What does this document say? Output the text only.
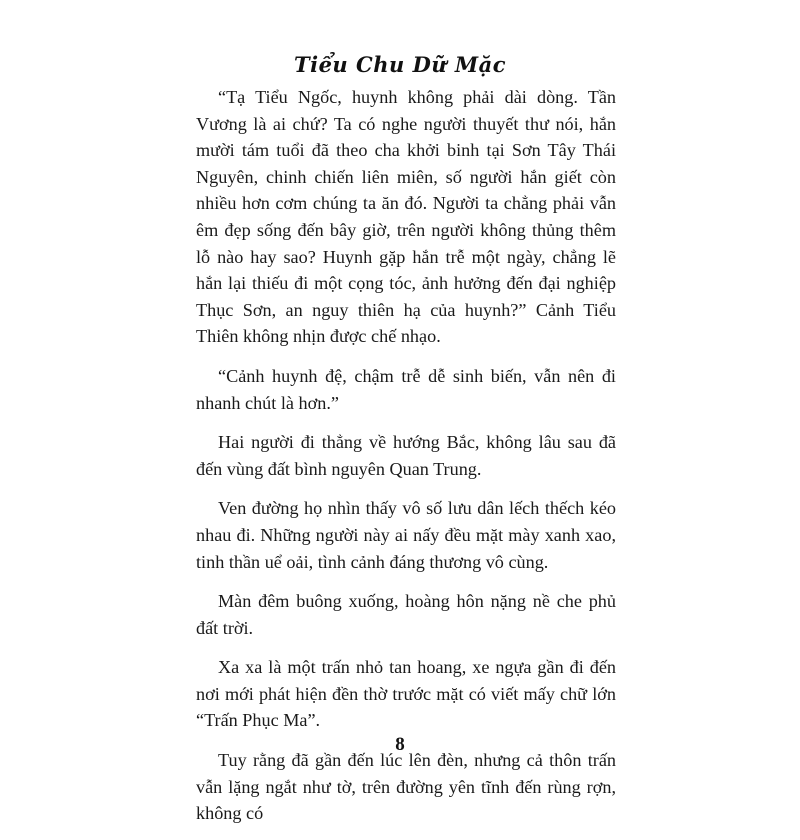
Tiểu Chu Dữ Mặc

“Tạ Tiểu Ngốc, huynh không phải dài dòng. Tần Vương là ai chứ? Ta có nghe người thuyết thư nói, hắn mười tám tuổi đã theo cha khởi binh tại Sơn Tây Thái Nguyên, chinh chiến liên miên, số người hắn giết còn nhiều hơn cơm chúng ta ăn đó. Người ta chẳng phải vẫn êm đẹp sống đến bây giờ, trên người không thủng thêm lỗ nào hay sao? Huynh gặp hắn trễ một ngày, chẳng lẽ hắn lại thiếu đi một cọng tóc, ảnh hưởng đến đại nghiệp Thục Sơn, an nguy thiên hạ của huynh?” Cảnh Tiểu Thiên không nhịn được chế nhạo.

“Cảnh huynh đệ, chậm trễ dễ sinh biến, vẫn nên đi nhanh chút là hơn.”

Hai người đi thẳng về hướng Bắc, không lâu sau đã đến vùng đất bình nguyên Quan Trung.

Ven đường họ nhìn thấy vô số lưu dân lếch thếch kéo nhau đi. Những người này ai nấy đều mặt mày xanh xao, tinh thần uể oải, tình cảnh đáng thương vô cùng.

Màn đêm buông xuống, hoàng hôn nặng nề che phủ đất trời.

Xa xa là một trấn nhỏ tan hoang, xe ngựa gần đi đến nơi mới phát hiện đền thờ trước mặt có viết mấy chữ lớn “Trấn Phục Ma”.

Tuy rằng đã gần đến lúc lên đèn, nhưng cả thôn trấn vẫn lặng ngắt như tờ, trên đường yên tĩnh đến rùng rợn, không có

8
